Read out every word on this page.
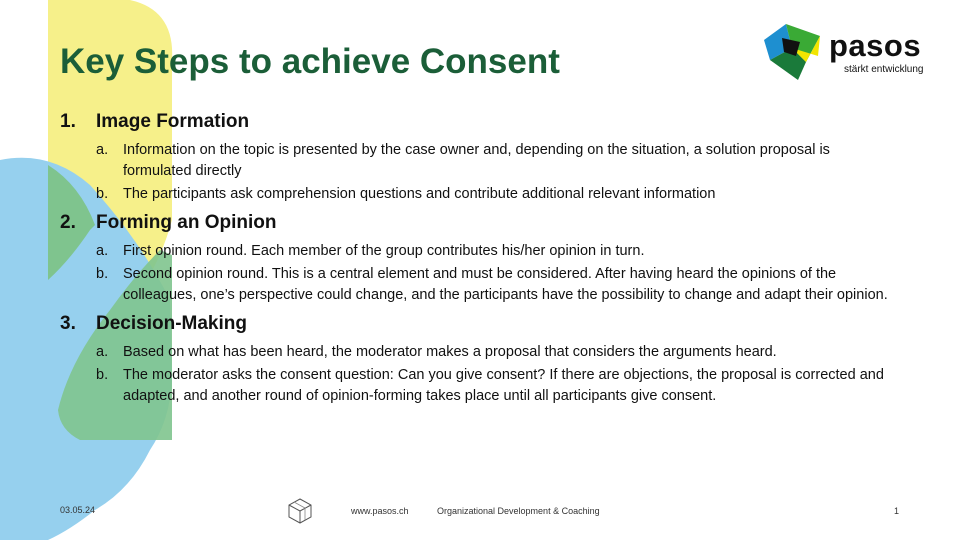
Key Steps to achieve Consent	pasos
stärkt entwicklung
1.	Image Formation
a.	Information on the topic is presented by the case owner and, depending on the situation, a solution proposal is formulated directly
b.	The participants ask comprehension questions and contribute additional relevant information
2.	Forming an Opinion
a.	First opinion round. Each member of the group contributes his/her opinion in turn.
b.	Second opinion round. This is a central element and must be considered. After having heard the opinions of the colleagues, one’s perspective could change, and the participants have the possibility to change and adapt their opinion.
3.	Decision-Making
a.	Based on what has been heard, the moderator makes a proposal that considers the arguments heard.
b.	The moderator asks the consent question: Can you give consent? If there are objections, the proposal is corrected and adapted, and another round of opinion-forming takes place until all participants give consent.
03.05.24	www.pasos.ch	Organizational Development & Coaching	1
